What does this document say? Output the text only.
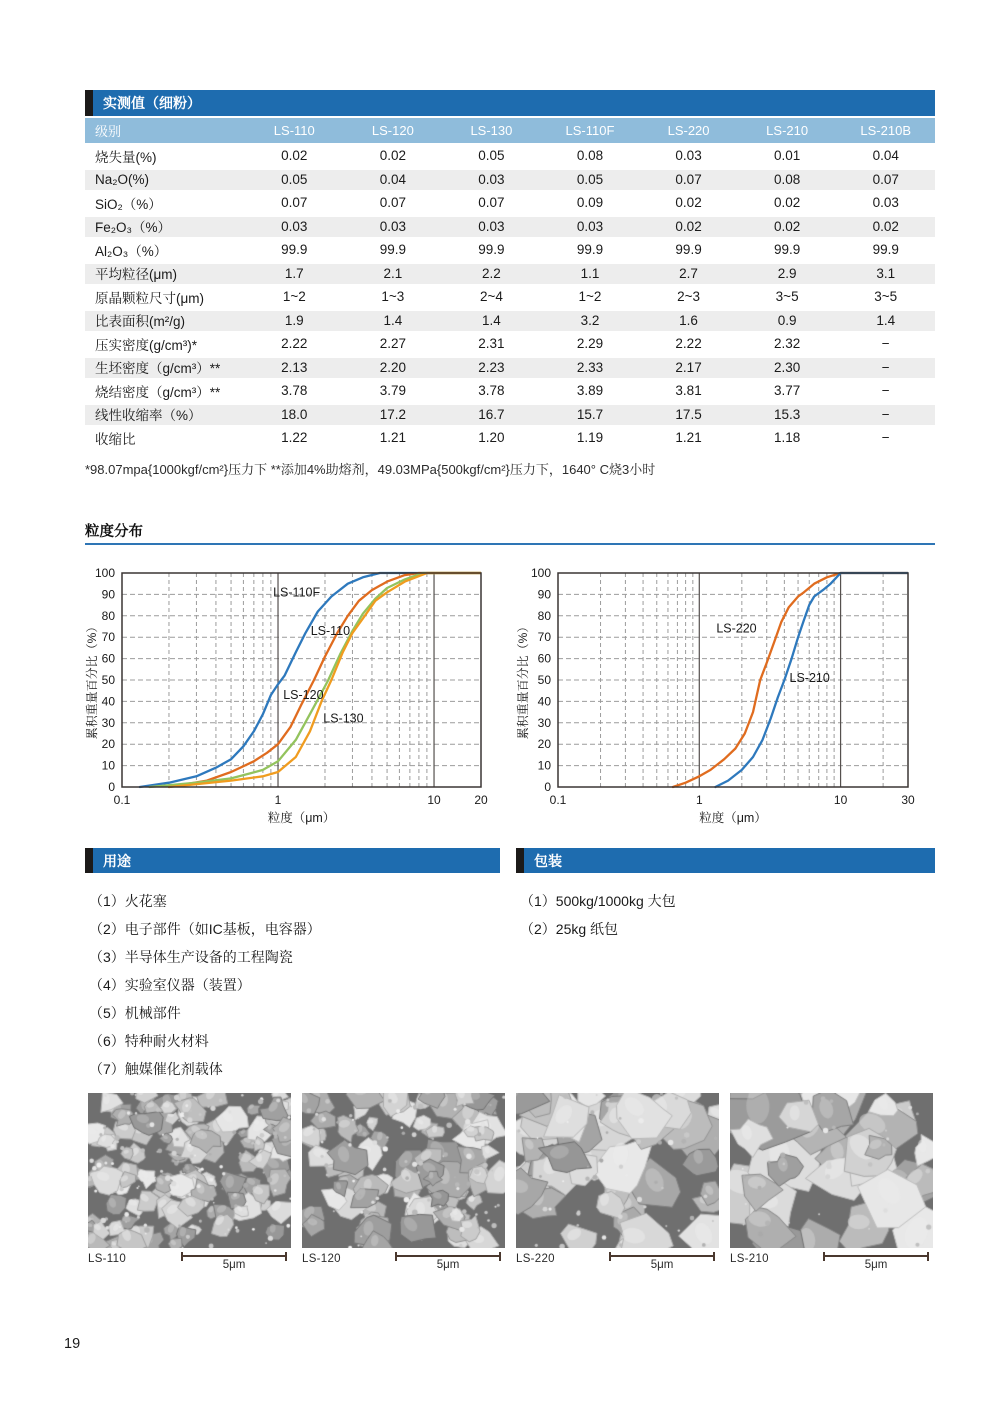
实测值（细粉）
级别	LS-110	LS-120	LS-130	LS-110F	LS-220	LS-210	LS-210B
烧失量(%)	0.02	0.02	0.05	0.08	0.03	0.01	0.04
Na₂O(%)	0.05	0.04	0.03	0.05	0.07	0.08	0.07
SiO₂（%）	0.07	0.07	0.07	0.09	0.02	0.02	0.03
Fe₂O₃（%）	0.03	0.03	0.03	0.03	0.02	0.02	0.02
Al₂O₃（%）	99.9	99.9	99.9	99.9	99.9	99.9	99.9
平均粒径(μm)	1.7	2.1	2.2	1.1	2.7	2.9	3.1
原晶颗粒尺寸(μm)	1~2	1~3	2~4	1~2	2~3	3~5	3~5
比表面积(m²/g)	1.9	1.4	1.4	3.2	1.6	0.9	1.4
压实密度(g/cm³)*	2.22	2.27	2.31	2.29	2.22	2.32	−
生坯密度（g/cm³）**	2.13	2.20	2.23	2.33	2.17	2.30	−
烧结密度（g/cm³）**	3.78	3.79	3.78	3.89	3.81	3.77	−
线性收缩率（%）	18.0	17.2	16.7	15.7	17.5	15.3	−
收缩比	1.22	1.21	1.20	1.19	1.21	1.18	−
*98.07mpa{1000kgf/cm²}压力下 **添加4%助熔剂，49.03MPa{500kgf/cm²}压力下，1640° C烧3小时
粒度分布
LS-110F
LS-110
LS-120
LS-130
0
10
20
30
40
50
60
70
80
90
100
0.1	1	10	20
粒度（μm）
累积重量百分比（%）	LS-220
LS-210
0
10
20
30
40
50
60
70
80
90
100
0.1	1	10	30
粒度（μm）
累积重量百分比（%）
用途
（1）火花塞
（2）电子部件（如IC基板，电容器）
（3）半导体生产设备的工程陶瓷
（4）实验室仪器（装置）
（5）机械部件
（6）特种耐火材料
（7）触媒催化剂载体
包装
（1）500kg/1000kg 大包
（2）25kg 纸包
LS-110	5μm	LS-120	5μm	LS-220	5μm	LS-210	5μm
19
